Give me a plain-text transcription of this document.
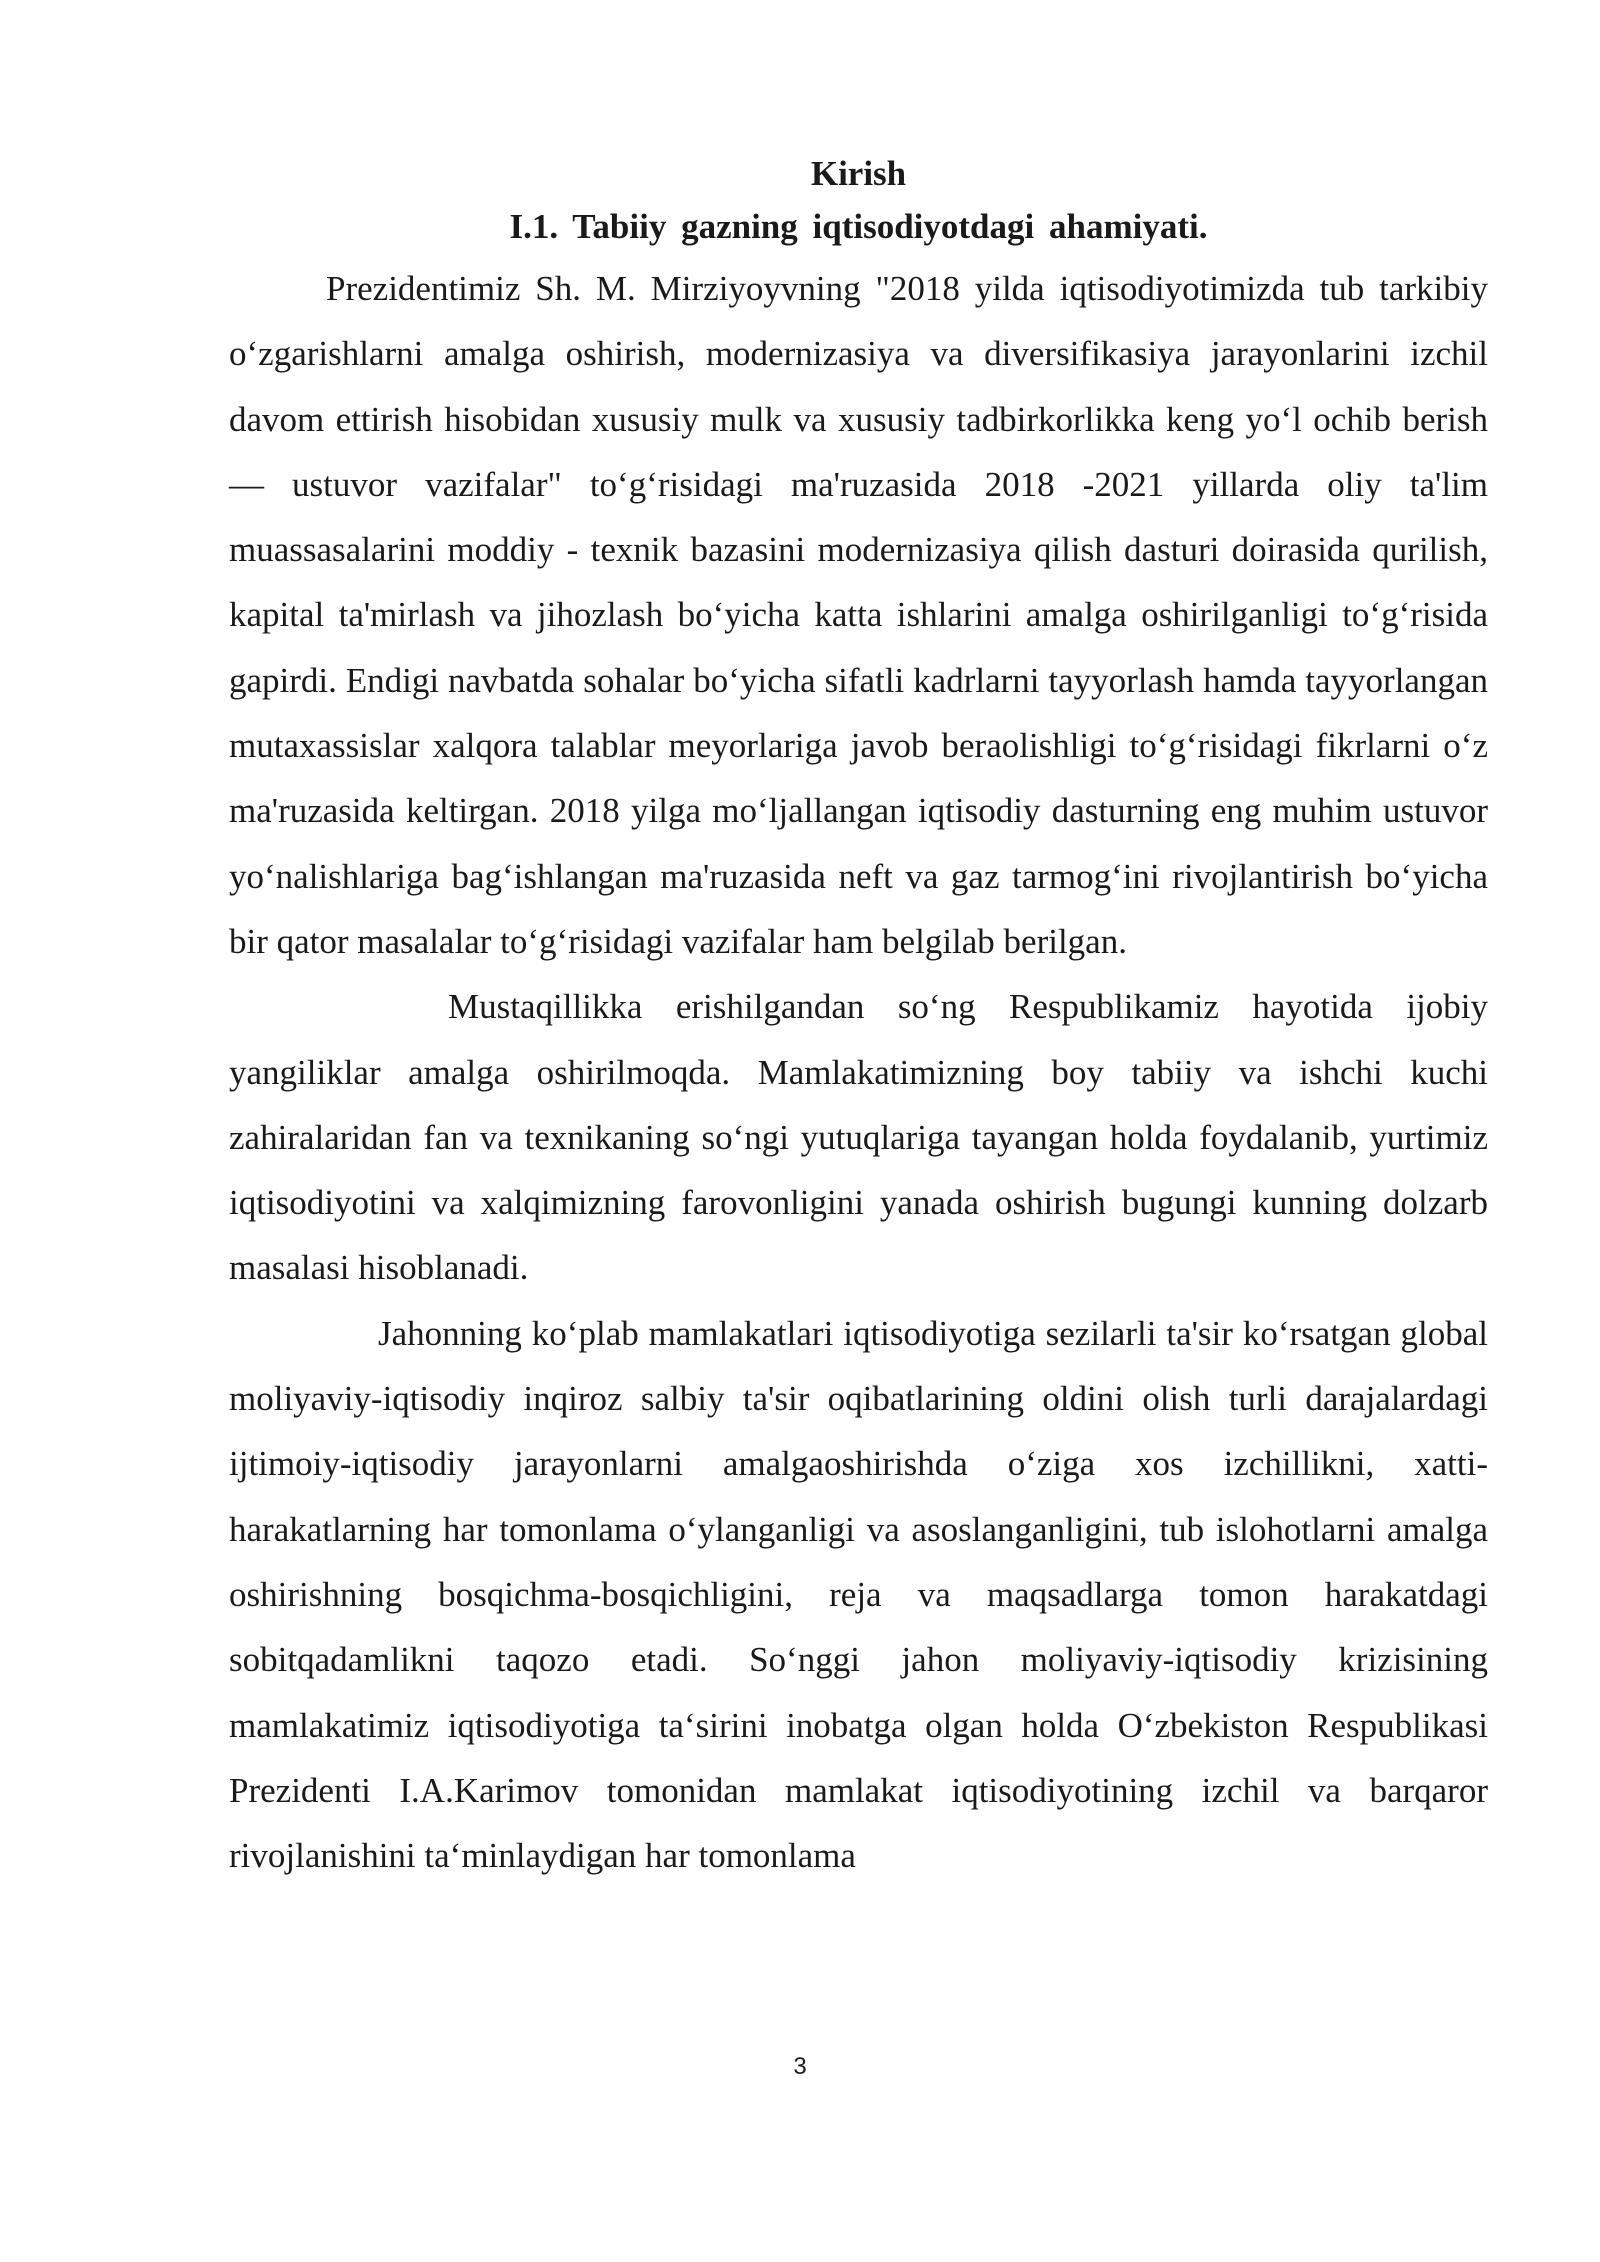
Kirish
I.1. Tabiiy gazning iqtisodiyotdagi ahamiyati.

Prezidentimiz Sh. M. Mirziyoyvning "2018 yilda iqtisodiyotimizda tub tarkibiy o‘zgarishlarni amalga oshirish, modernizasiya va diversifikasiya jarayonlarini izchil davom ettirish hisobidan xususiy mulk va xususiy tadbirkorlikka keng yo‘l ochib berish — ustuvor vazifalar" to‘g‘risidagi ma'ruzasida 2018 -2021 yillarda oliy ta'lim muassasalarini moddiy - texnik bazasini modernizasiya qilish dasturi doirasida qurilish, kapital ta'mirlash va jihozlash bo‘yicha katta ishlarini amalga oshirilganligi to‘g‘risida gapirdi. Endigi navbatda sohalar bo‘yicha sifatli kadrlarni tayyorlash hamda tayyorlangan mutaxassislar xalqora talablar meyorlariga javob beraolishligi to‘g‘risidagi fikrlarni o‘z ma'ruzasida keltirgan. 2018 yilga mo‘ljallangan iqtisodiy dasturning eng muhim ustuvor yo‘nalishlariga bag‘ishlangan ma'ruzasida neft va gaz tarmog‘ini rivojlantirish bo‘yicha bir qator masalalar to‘g‘risidagi vazifalar ham belgilab berilgan.

Mustaqillikka erishilgandan so‘ng Respublikamiz hayotida ijobiy yangiliklar amalga oshirilmoqda. Mamlakatimizning boy tabiiy va ishchi kuchi zahiralaridan fan va texnikaning so‘ngi yutuqlariga tayangan holda foydalanib, yurtimiz iqtisodiyotini va xalqimizning farovonligini yanada oshirish bugungi kunning dolzarb masalasi hisoblanadi.

Jahonning ko‘plab mamlakatlari iqtisodiyotiga sezilarli ta'sir ko‘rsatgan global moliyaviy-iqtisodiy inqiroz salbiy ta'sir oqibatlarining oldini olish turli darajalardagi ijtimoiy-iqtisodiy jarayonlarni amalgaoshirishda o‘ziga xos izchillikni, xatti-harakatlarning har tomonlama o‘ylanganligi va asoslanganligini, tub islohotlarni amalga oshirishning bosqichma-bosqichligini, reja va maqsadlarga tomon harakatdagi sobitqadamlikni taqozo etadi. So‘nggi jahon moliyaviy-iqtisodiy krizisining mamlakatimiz iqtisodiyotiga ta‘sirini inobatga olgan holda O‘zbekiston Respublikasi Prezidenti I.A.Karimov tomonidan mamlakat iqtisodiyotining izchil va barqaror rivojlanishini ta‘minlaydigan har tomonlama

3
